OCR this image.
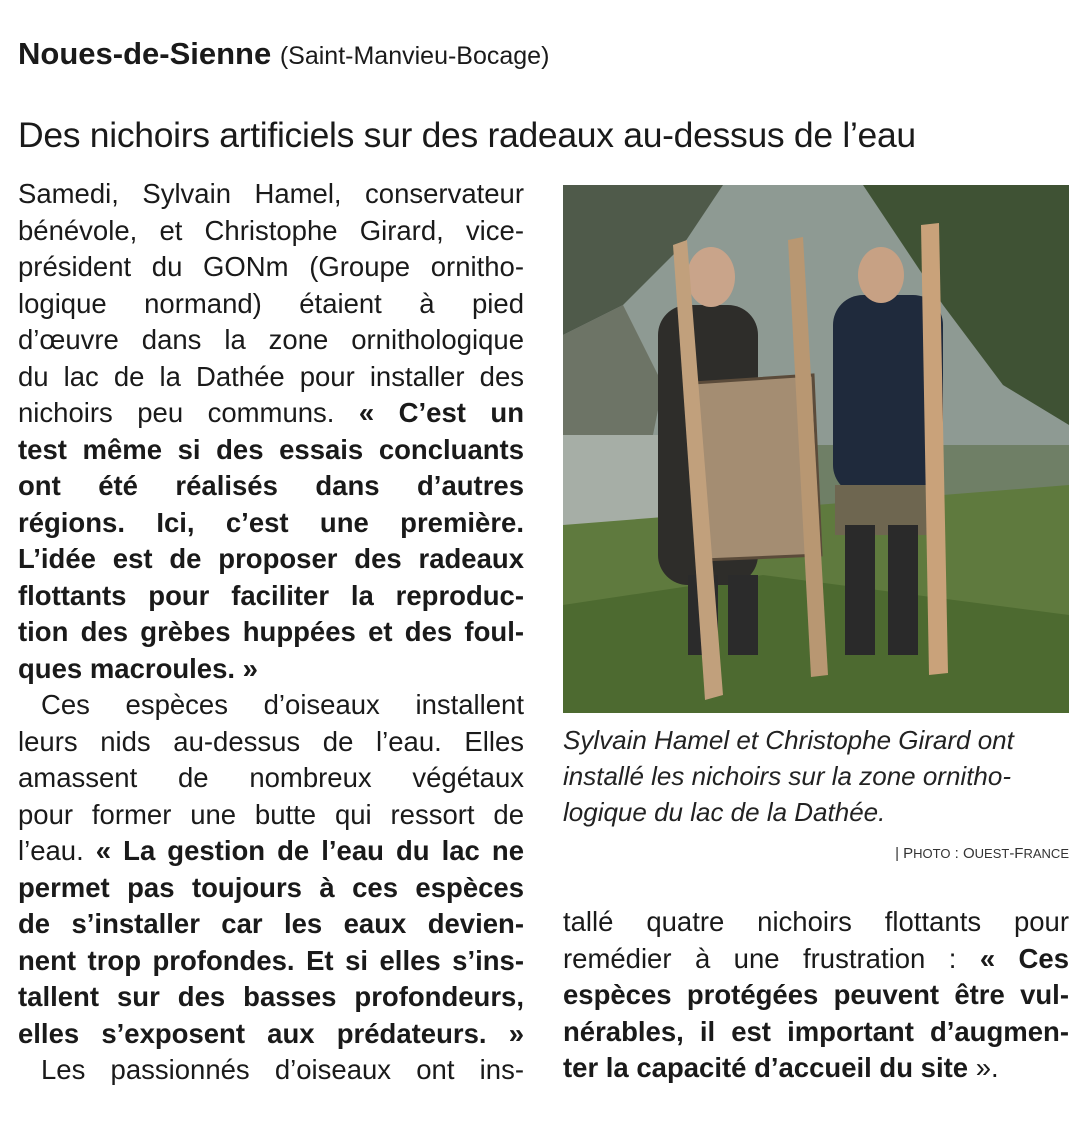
Noues-de-Sienne (Saint-Manvieu-Bocage)
Des nichoirs artificiels sur des radeaux au-dessus de l’eau
Samedi, Sylvain Hamel, conservateur
bénévole, et Christophe Girard, vice-
président du GONm (Groupe ornitho-
logique normand) étaient à pied
d’œuvre dans la zone ornithologique
du lac de la Dathée pour installer des
nichoirs peu communs. « C’est un
test même si des essais concluants
ont été réalisés dans d’autres
régions. Ici, c’est une première.
L’idée est de proposer des radeaux
flottants pour faciliter la reproduc-
tion des grèbes huppées et des foul-
ques macroules. »
Ces espèces d’oiseaux installent
leurs nids au-dessus de l’eau. Elles
amassent de nombreux végétaux
pour former une butte qui ressort de
l’eau. « La gestion de l’eau du lac ne
permet pas toujours à ces espèces
de s’installer car les eaux devien-
nent trop profondes. Et si elles s’ins-
tallent sur des basses profondeurs,
elles s’exposent aux prédateurs. »
Les passionnés d’oiseaux ont ins-
Sylvain Hamel et Christophe Girard ont
installé les nichoirs sur la zone ornitho-
logique du lac de la Dathée.
| PHOTO : OUEST-FRANCE
tallé quatre nichoirs flottants pour
remédier à une frustration : « Ces
espèces protégées peuvent être vul-
nérables, il est important d’augmen-
ter la capacité d’accueil du site ».
